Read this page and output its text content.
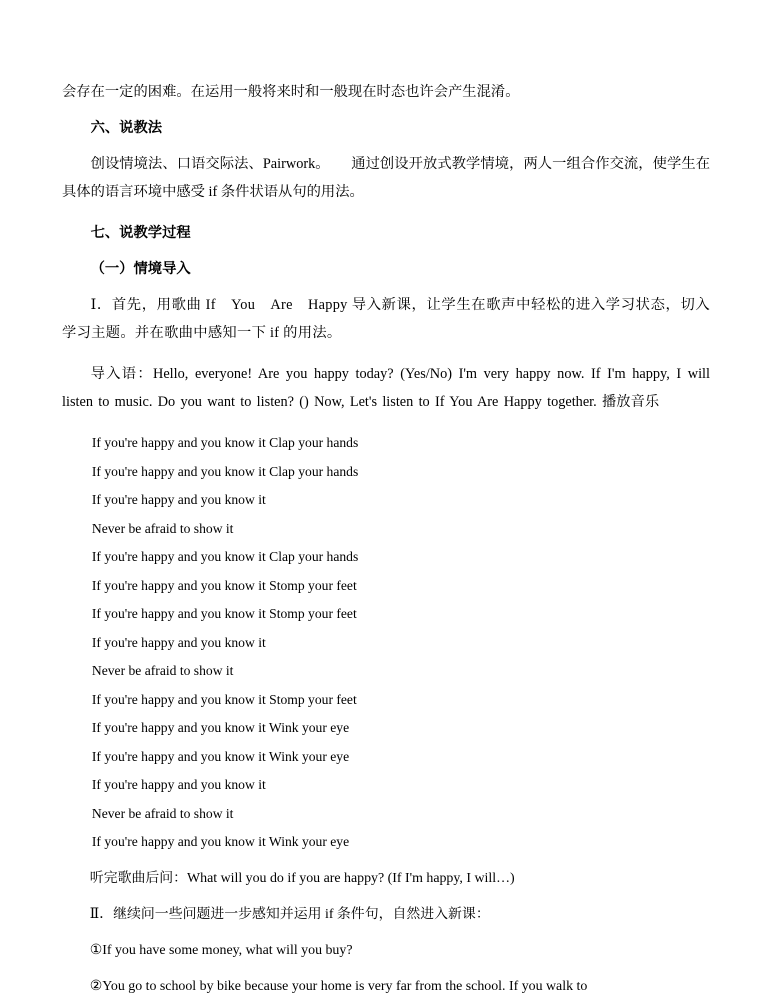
会存在一定的困难。在运用一般将来时和一般现在时态也许会产生混淆。

六、说教法

创设情境法、口语交际法、Pairwork。　　通过创设开放式教学情境，两人一组合作交流，使学生在具体的语言环境中感受 if 条件状语从句的用法。

七、说教学过程

（一）情境导入

Ⅰ．首先，用歌曲 If　You　Are　Happy 导入新课，让学生在歌声中轻松的进入学习状态，切入学习主题。并在歌曲中感知一下 if 的用法。

导入语：Hello, everyone! Are you happy today? (Yes/No) I'm very happy now. If I'm happy, I will listen to music. Do you want to listen? () Now, Let's listen to If You Are Happy together. 播放音乐

If you're happy and you know it Clap your hands

If you're happy and you know it Clap your hands

If you're happy and you know it

Never be afraid to show it

If you're happy and you know it Clap your hands

If you're happy and you know it Stomp your feet

If you're happy and you know it Stomp your feet

If you're happy and you know it

Never be afraid to show it

If you're happy and you know it Stomp your feet

If you're happy and you know it Wink your eye

If you're happy and you know it Wink your eye

If you're happy and you know it

Never be afraid to show it

If you're happy and you know it Wink your eye

听完歌曲后问：What will you do if you are happy? (If I'm happy, I will…)

Ⅱ．继续问一些问题进一步感知并运用 if 条件句，自然进入新课：

①If you have some money, what will you buy?

②You go to school by bike because your home is very far from the school. If you walk to
